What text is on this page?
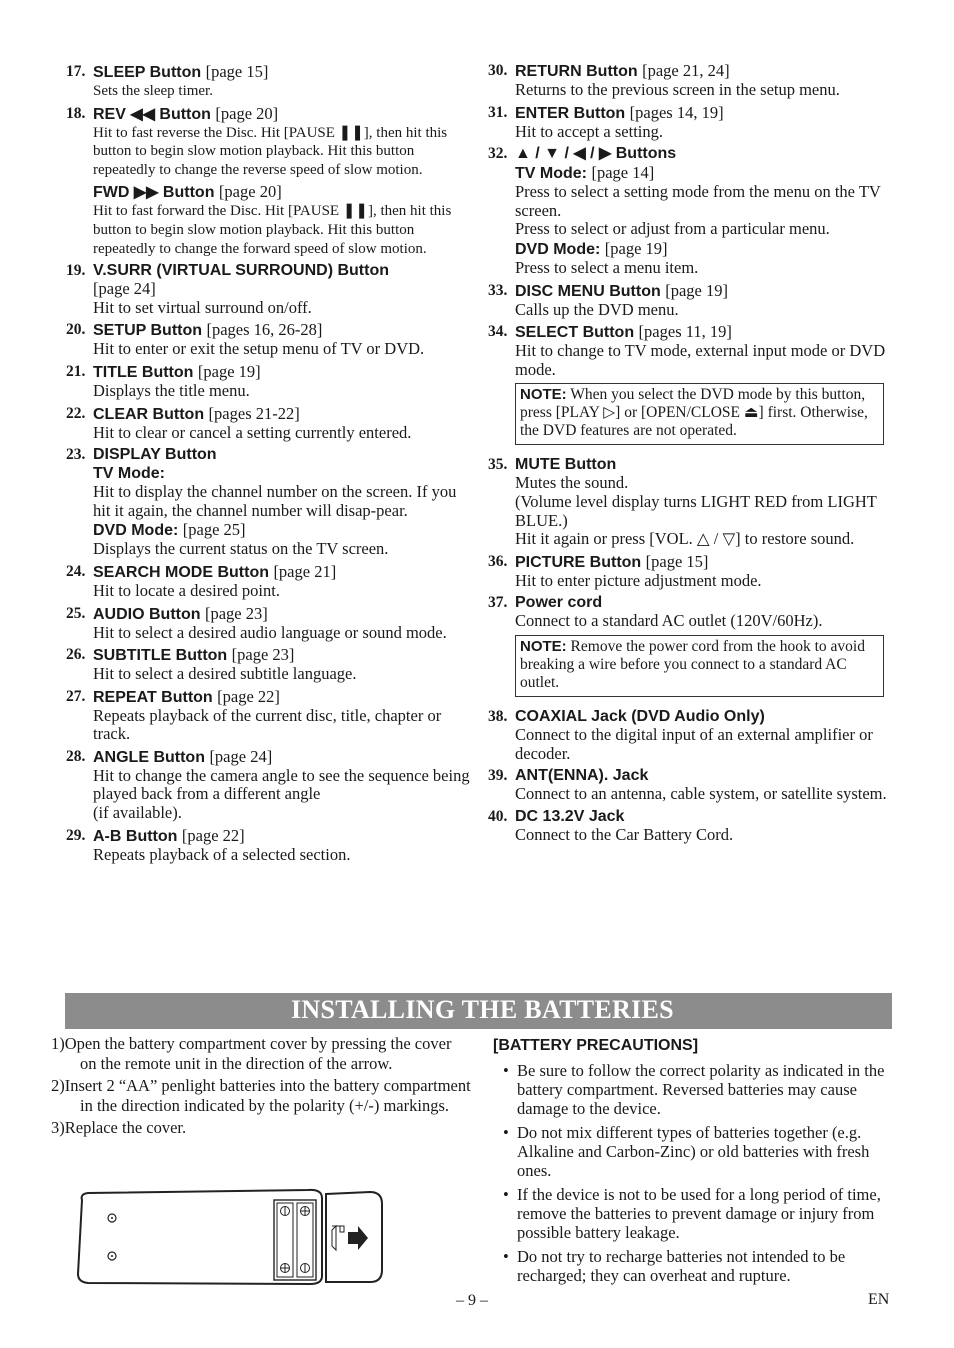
17. SLEEP Button [page 15]
Sets the sleep timer.
18. REV ◀◀ Button [page 20]
Hit to fast reverse the Disc. Hit [PAUSE ❚❚], then hit this button to begin slow motion playback. Hit this button repeatedly to change the reverse speed of slow motion.
FWD ▶▶ Button [page 20]
Hit to fast forward the Disc. Hit [PAUSE ❚❚], then hit this button to begin slow motion playback. Hit this button repeatedly to change the forward speed of slow motion.
19. V.SURR (VIRTUAL SURROUND) Button
[page 24]
Hit to set virtual surround on/off.
20. SETUP Button [pages 16, 26-28]
Hit to enter or exit the setup menu of TV or DVD.
21. TITLE Button [page 19]
Displays the title menu.
22. CLEAR Button [pages 21-22]
Hit to clear or cancel a setting currently entered.
23. DISPLAY Button
TV Mode:
Hit to display the channel number on the screen. If you hit it again, the channel number will disap-pear.
DVD Mode: [page 25]
Displays the current status on the TV screen.
24. SEARCH MODE Button [page 21]
Hit to locate a desired point.
25. AUDIO Button [page 23]
Hit to select a desired audio language or sound mode.
26. SUBTITLE Button [page 23]
Hit to select a desired subtitle language.
27. REPEAT Button [page 22]
Repeats playback of the current disc, title, chapter or track.
28. ANGLE Button [page 24]
Hit to change the camera angle to see the sequence being played back from a different angle
(if available).
29. A-B Button [page 22]
Repeats playback of a selected section.
30. RETURN Button [page 21, 24]
Returns to the previous screen in the setup menu.
31. ENTER Button [pages 14, 19]
Hit to accept a setting.
32. ▲ / ▼ / ◀ / ▶ Buttons
TV Mode: [page 14]
Press to select a setting mode from the menu on the TV screen.
Press to select or adjust from a particular menu.
DVD Mode: [page 19]
Press to select a menu item.
33. DISC MENU Button [page 19]
Calls up the DVD menu.
34. SELECT Button [pages 11, 19]
Hit to change to TV mode, external input mode or DVD mode.
NOTE: When you select the DVD mode by this button, press [PLAY ▷] or [OPEN/CLOSE ⏏] first. Otherwise, the DVD features are not operated.
35. MUTE Button
Mutes the sound.
(Volume level display turns LIGHT RED from LIGHT BLUE.)
Hit it again or press [VOL. △ / ▽] to restore sound.
36. PICTURE Button [page 15]
Hit to enter picture adjustment mode.
37. Power cord
Connect to a standard AC outlet (120V/60Hz).
NOTE: Remove the power cord from the hook to avoid breaking a wire before you connect to a standard AC outlet.
38. COAXIAL Jack (DVD Audio Only)
Connect to the digital input of an external amplifier or decoder.
39. ANT(ENNA). Jack
Connect to an antenna, cable system, or satellite system.
40. DC 13.2V Jack
Connect to the Car Battery Cord.
INSTALLING THE BATTERIES
1)Open the battery compartment cover by pressing the cover on the remote unit in the direction of the arrow.
2)Insert 2 “AA” penlight batteries into the battery compartment in the direction indicated by the polarity (+/-) markings.
3)Replace the cover.
[BATTERY PRECAUTIONS]
• Be sure to follow the correct polarity as indicated in the battery compartment. Reversed batteries may cause damage to the device.
• Do not mix different types of batteries together (e.g. Alkaline and Carbon-Zinc) or old batteries with fresh ones.
• If the device is not to be used for a long period of time, remove the batteries to prevent damage or injury from possible battery leakage.
• Do not try to recharge batteries not intended to be recharged; they can overheat and rupture.
– 9 –	EN
